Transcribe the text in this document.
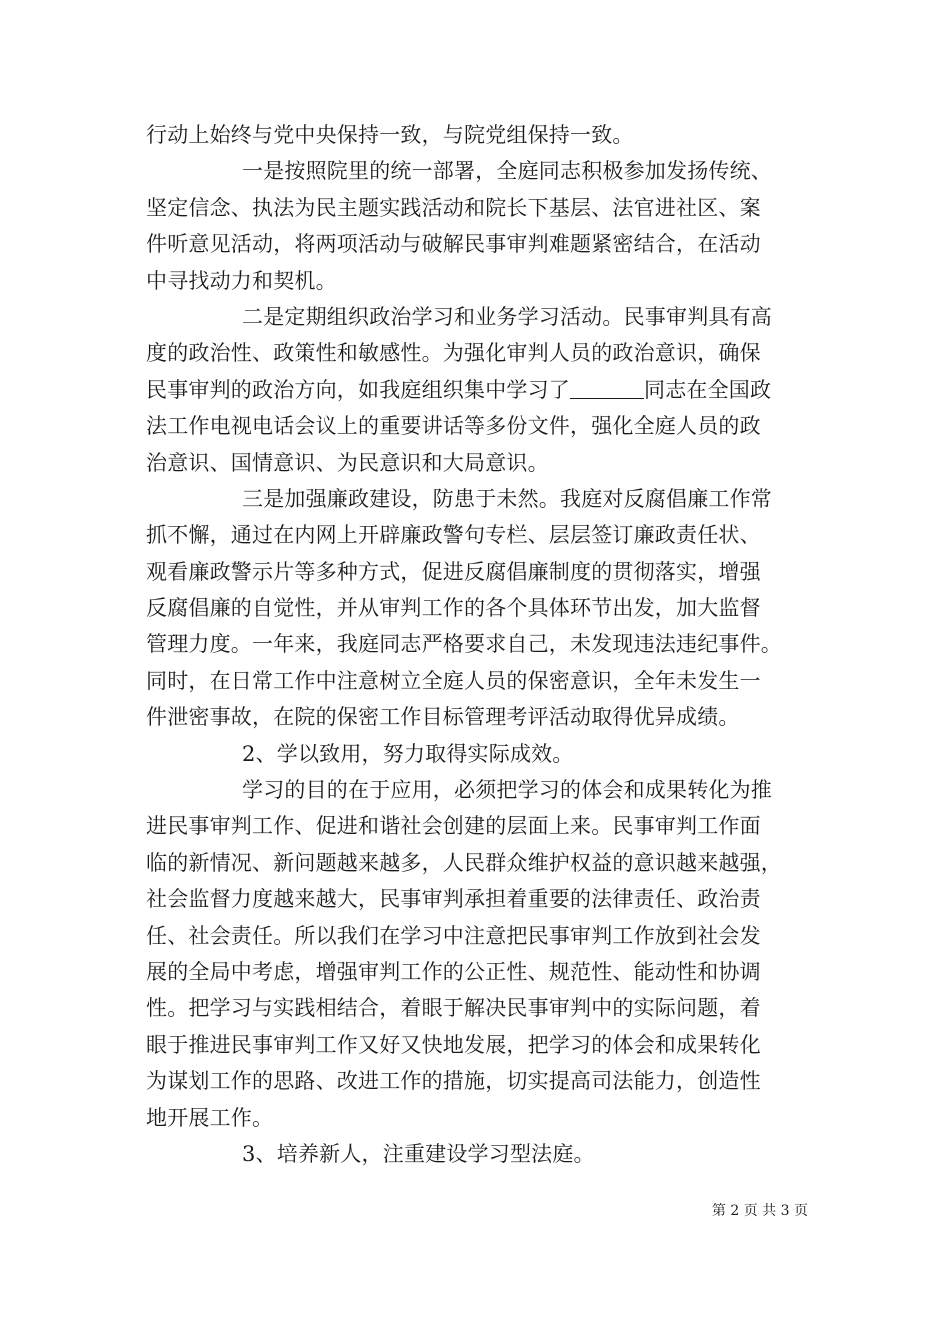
行动上始终与党中央保持一致，与院党组保持一致。
一是按照院里的统一部署，全庭同志积极参加发扬传统、
坚定信念、执法为民主题实践活动和院长下基层、法官进社区、案
件听意见活动，将两项活动与破解民事审判难题紧密结合，在活动
中寻找动力和契机。
二是定期组织政治学习和业务学习活动。民事审判具有高
度的政治性、政策性和敏感性。为强化审判人员的政治意识，确保
民事审判的政治方向，如我庭组织集中学习了	同志在全国政
法工作电视电话会议上的重要讲话等多份文件，强化全庭人员的政
治意识、国情意识、为民意识和大局意识。
三是加强廉政建设，防患于未然。我庭对反腐倡廉工作常
抓不懈，通过在内网上开辟廉政警句专栏、层层签订廉政责任状、
观看廉政警示片等多种方式，促进反腐倡廉制度的贯彻落实，增强
反腐倡廉的自觉性，并从审判工作的各个具体环节出发，加大监督
管理力度。一年来，我庭同志严格要求自己，未发现违法违纪事件。
同时，在日常工作中注意树立全庭人员的保密意识，全年未发生一
件泄密事故，在院的保密工作目标管理考评活动取得优异成绩。
2、学以致用，努力取得实际成效。
学习的目的在于应用，必须把学习的体会和成果转化为推
进民事审判工作、促进和谐社会创建的层面上来。民事审判工作面
临的新情况、新问题越来越多，人民群众维护权益的意识越来越强，
社会监督力度越来越大，民事审判承担着重要的法律责任、政治责
任、社会责任。所以我们在学习中注意把民事审判工作放到社会发
展的全局中考虑，增强审判工作的公正性、规范性、能动性和协调
性。把学习与实践相结合，着眼于解决民事审判中的实际问题，着
眼于推进民事审判工作又好又快地发展，把学习的体会和成果转化
为谋划工作的思路、改进工作的措施，切实提高司法能力，创造性
地开展工作。
3、培养新人，注重建设学习型法庭。
第 2 页 共 3 页
